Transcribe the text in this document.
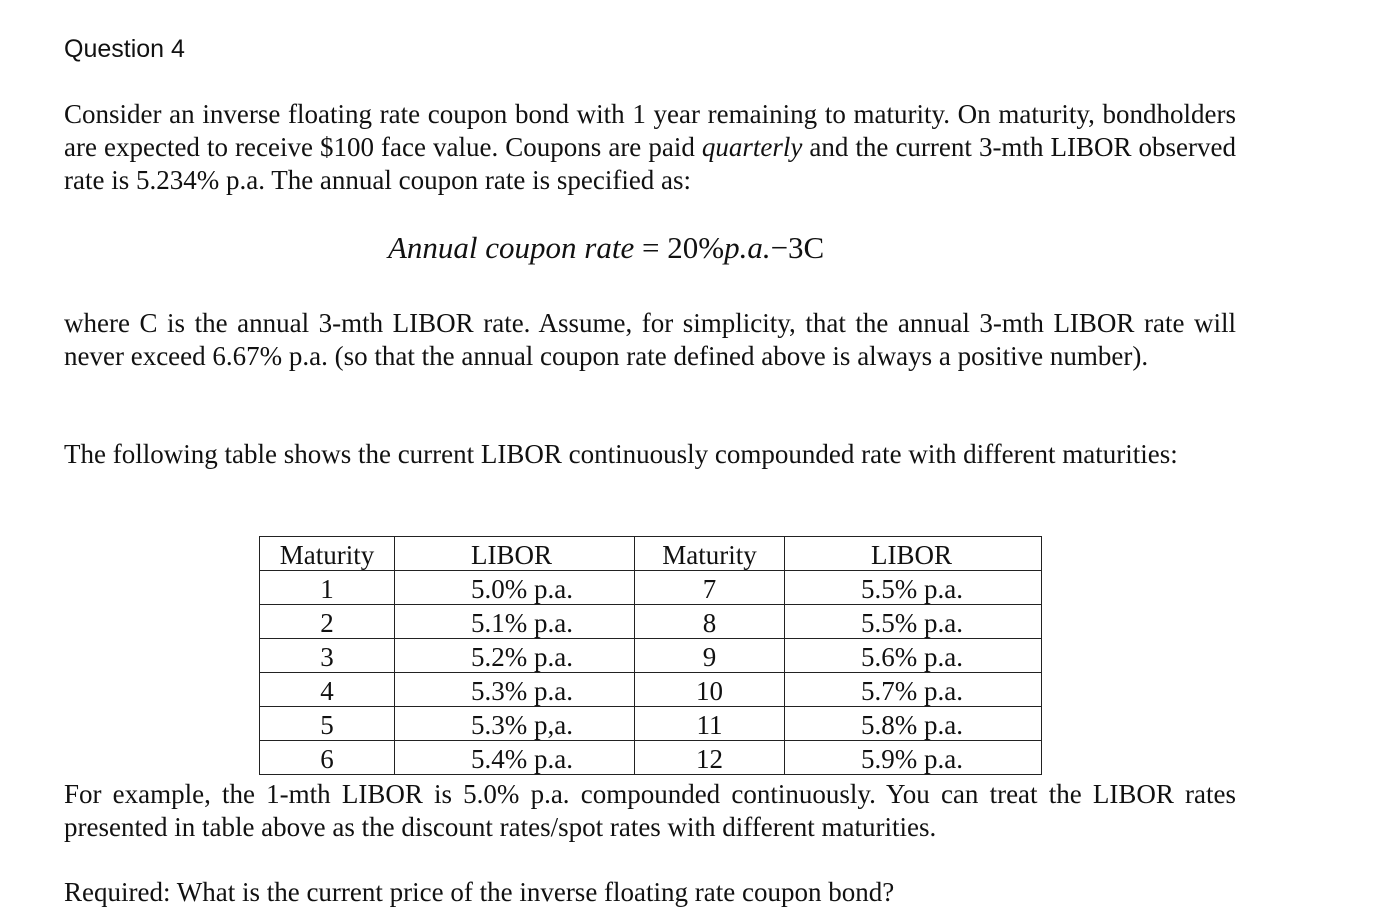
Question 4
Consider an inverse floating rate coupon bond with 1 year remaining to maturity. On maturity, bondholders are expected to receive $100 face value. Coupons are paid quarterly and the current 3-mth LIBOR observed rate is 5.234% p.a. The annual coupon rate is specified as:
Annual coupon rate = 20%p.a.−3C
where C is the annual 3-mth LIBOR rate. Assume, for simplicity, that the annual 3-mth LIBOR rate will never exceed 6.67% p.a. (so that the annual coupon rate defined above is always a positive number).
The following table shows the current LIBOR continuously compounded rate with different maturities:
Maturity	LIBOR	Maturity	LIBOR
1	5.0% p.a.	7	5.5% p.a.
2	5.1% p.a.	8	5.5% p.a.
3	5.2% p.a.	9	5.6% p.a.
4	5.3% p.a.	10	5.7% p.a.
5	5.3% p,a.	11	5.8% p.a.
6	5.4% p.a.	12	5.9% p.a.
For example, the 1-mth LIBOR is 5.0% p.a. compounded continuously. You can treat the LIBOR rates presented in table above as the discount rates/spot rates with different maturities.
Required: What is the current price of the inverse floating rate coupon bond?
